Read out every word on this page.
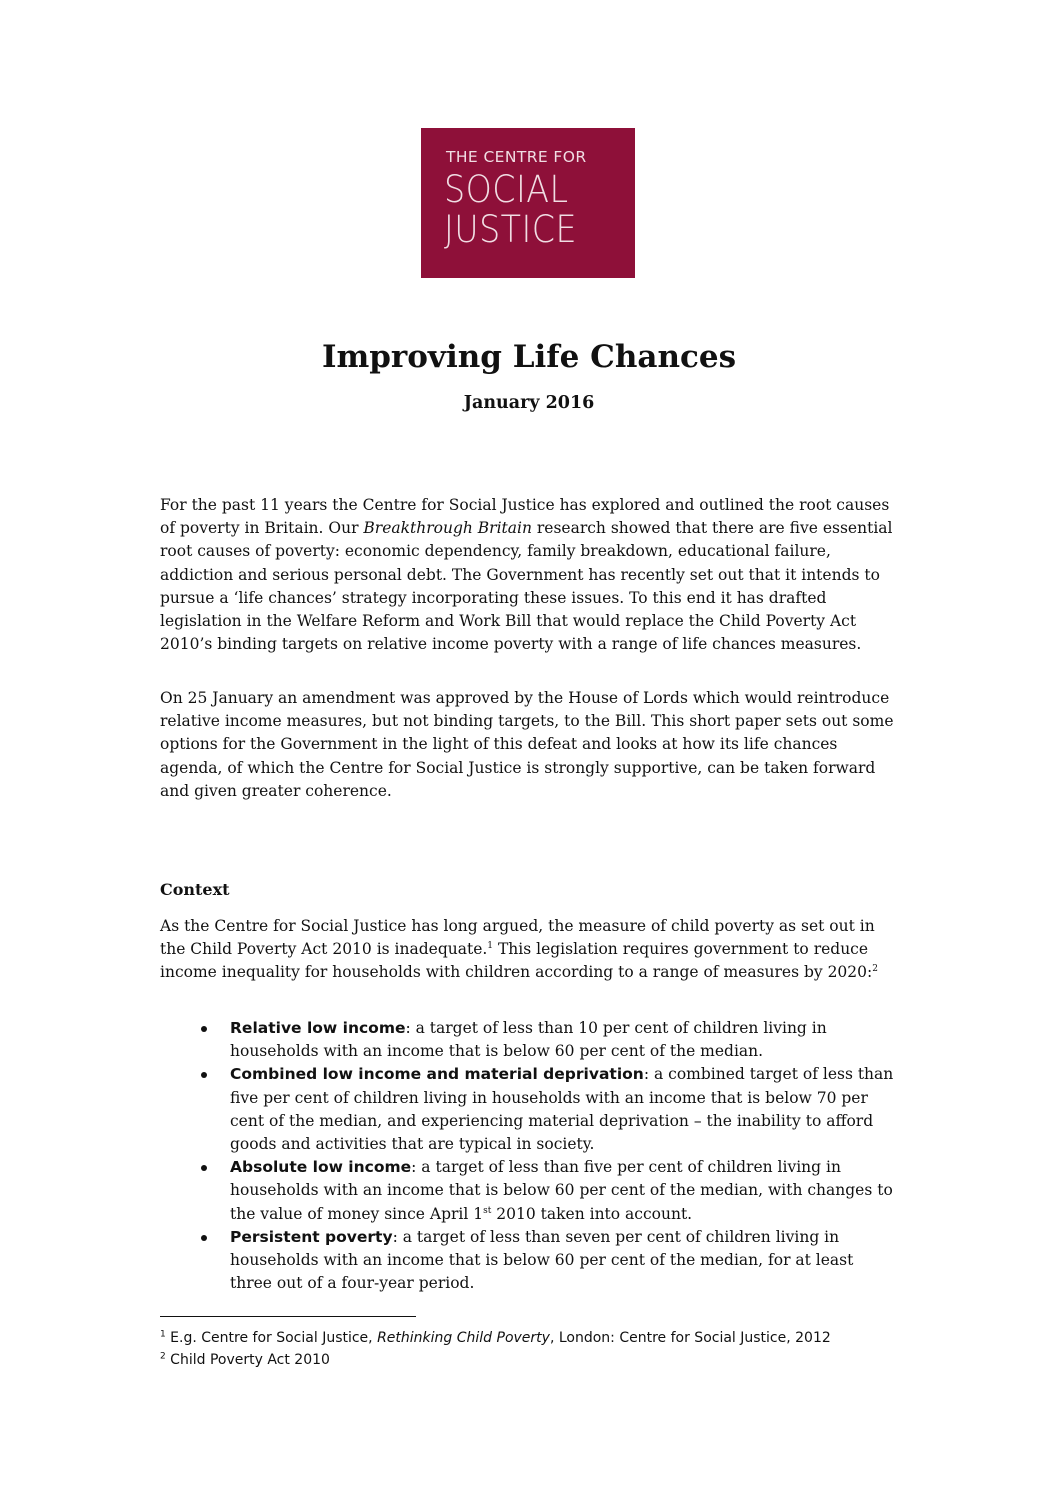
THE CENTRE FOR
SOCIAL
JUSTICE
Improving Life Chances

January 2016

For the past 11 years the Centre for Social Justice has explored and outlined the root causes of poverty in Britain. Our Breakthrough Britain research showed that there are five essential root causes of poverty: economic dependency, family breakdown, educational failure, addiction and serious personal debt. The Government has recently set out that it intends to pursue a ‘life chances’ strategy incorporating these issues. To this end it has drafted legislation in the Welfare Reform and Work Bill that would replace the Child Poverty Act 2010’s binding targets on relative income poverty with a range of life chances measures.

On 25 January an amendment was approved by the House of Lords which would reintroduce relative income measures, but not binding targets, to the Bill. This short paper sets out some options for the Government in the light of this defeat and looks at how its life chances agenda, of which the Centre for Social Justice is strongly supportive, can be taken forward and given greater coherence.

Context

As the Centre for Social Justice has long argued, the measure of child poverty as set out in the Child Poverty Act 2010 is inadequate.$^1$ This legislation requires government to reduce income inequality for households with children according to a range of measures by 2020:$^2$

Relative low income: a target of less than 10 per cent of children living in households with an income that is below 60 per cent of the median.
Combined low income and material deprivation: a combined target of less than five per cent of children living in households with an income that is below 70 per cent of the median, and experiencing material deprivation – the inability to afford goods and activities that are typical in society.
Absolute low income: a target of less than five per cent of children living in households with an income that is below 60 per cent of the median, with changes to the value of money since April 1st 2010 taken into account.
Persistent poverty: a target of less than seven per cent of children living in households with an income that is below 60 per cent of the median, for at least three out of a four-year period.

$^1$ E.g. Centre for Social Justice, Rethinking Child Poverty, London: Centre for Social Justice, 2012

$^2$ Child Poverty Act 2010
